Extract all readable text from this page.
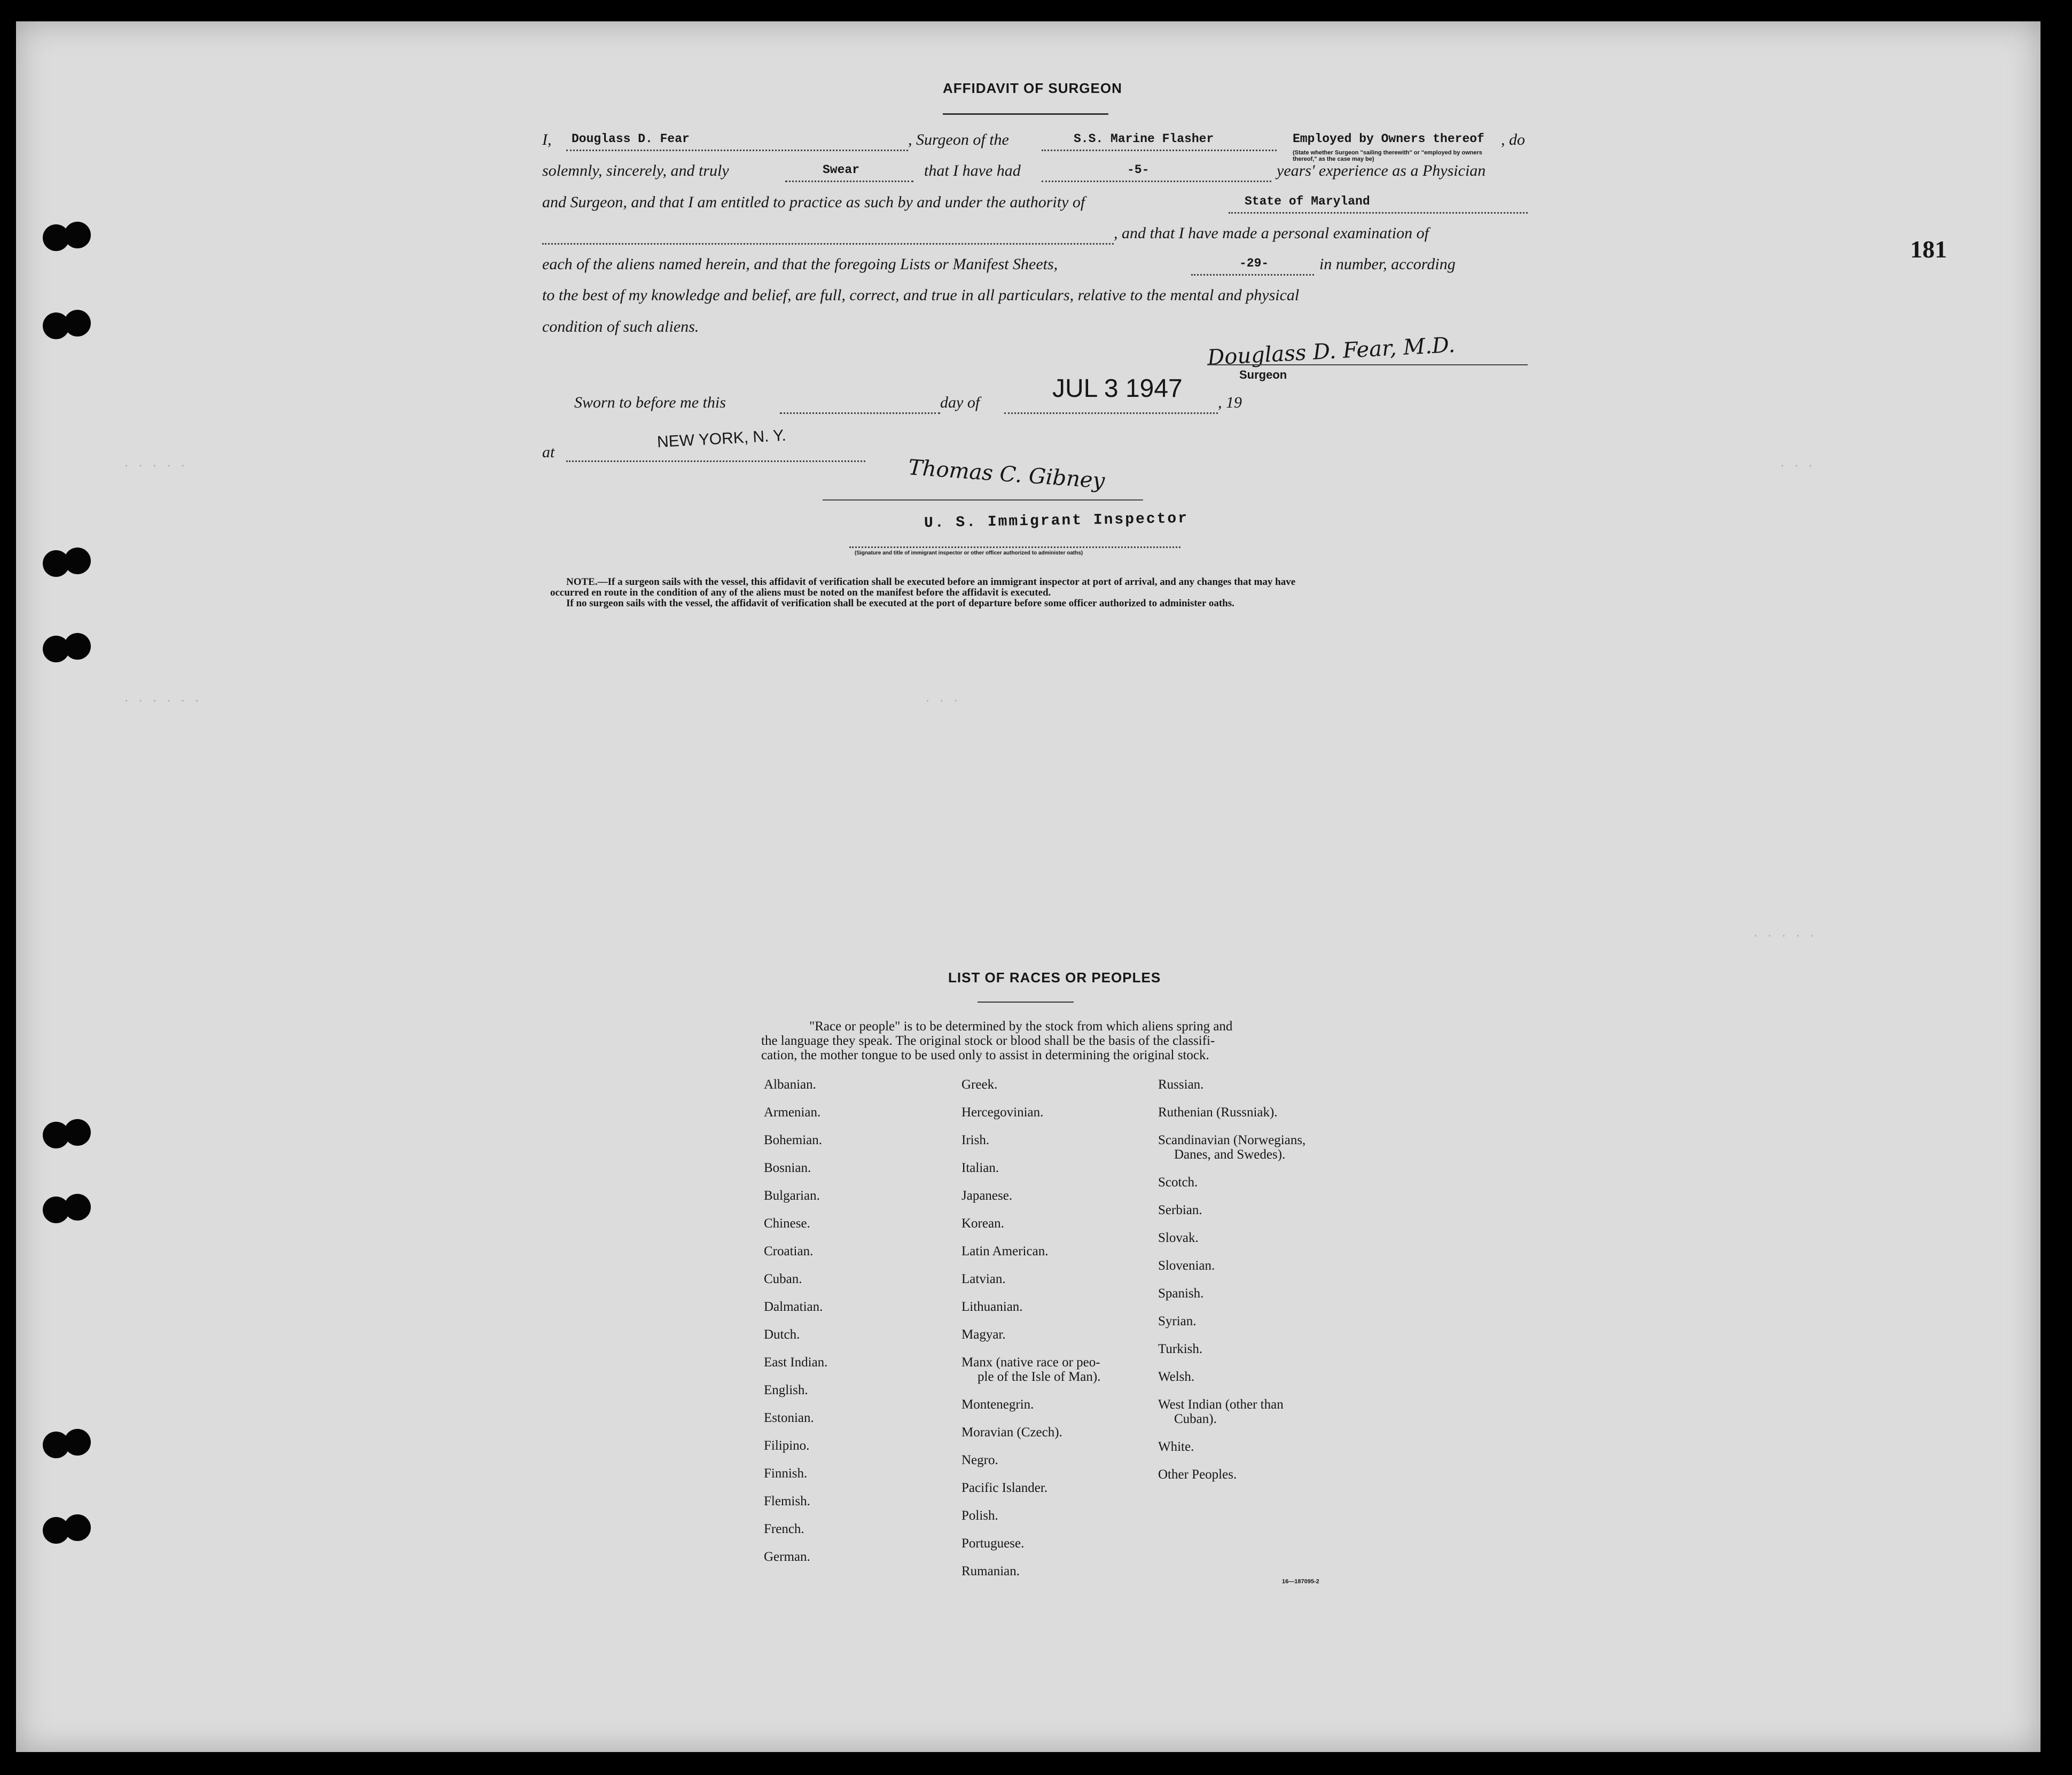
· · · · ·	· · ·
· · · · · ·	· · ·
· · · · ·
181
AFFIDAVIT OF SURGEON
I, Douglass D. Fear	, Surgeon of the	S.S. Marine Flasher	Employed by Owners thereof , do
(State whether Surgeon "sailing therewith" or "employed by owners thereof," as the case may be)
solemnly, sincerely, and truly	Swear	that I have had	-5-	years' experience as a Physician
and Surgeon, and that I am entitled to practice as such by and under the authority of	State of Maryland
, and that I have made a personal examination of
each of the aliens named herein, and that the foregoing Lists or Manifest Sheets,	-29-	in number, according
to the best of my knowledge and belief, are full, correct, and true in all particulars, relative to the mental and physical
condition of such aliens.
Douglass D. Fear, M.D.
Surgeon
Sworn to before me this	day of	JUL 3 1947 , 19
at
NEW YORK, N. Y.
Thomas C. Gibney
U. S. Immigrant Inspector
(Signature and title of immigrant inspector or other officer authorized to administer oaths)
NOTE.—If a surgeon sails with the vessel, this affidavit of verification shall be executed before an immigrant inspector at port of arrival, and any changes that may have
occurred en route in the condition of any of the aliens must be noted on the manifest before the affidavit is executed.
If no surgeon sails with the vessel, the affidavit of verification shall be executed at the port of departure before some officer authorized to administer oaths.
LIST OF RACES OR PEOPLES
"Race or people" is to be determined by the stock from which aliens spring and
the language they speak. The original stock or blood shall be the basis of the classifi-
cation, the mother tongue to be used only to assist in determining the original stock.
Albanian.
Armenian.
Bohemian.
Bosnian.
Bulgarian.
Chinese.
Croatian.
Cuban.
Dalmatian.
Dutch.
East Indian.
English.
Estonian.
Filipino.
Finnish.
Flemish.
French.
German.
Greek.
Hercegovinian.
Irish.
Italian.
Japanese.
Korean.
Latin American.
Latvian.
Lithuanian.
Magyar.
Manx (native race or peo-
ple of the Isle of Man).
Montenegrin.
Moravian (Czech).
Negro.
Pacific Islander.
Polish.
Portuguese.
Rumanian.
Russian.
Ruthenian (Russniak).
Scandinavian (Norwegians,
Danes, and Swedes).
Scotch.
Serbian.
Slovak.
Slovenian.
Spanish.
Syrian.
Turkish.
Welsh.
West Indian (other than
Cuban).
White.
Other Peoples.
16—187095-2
